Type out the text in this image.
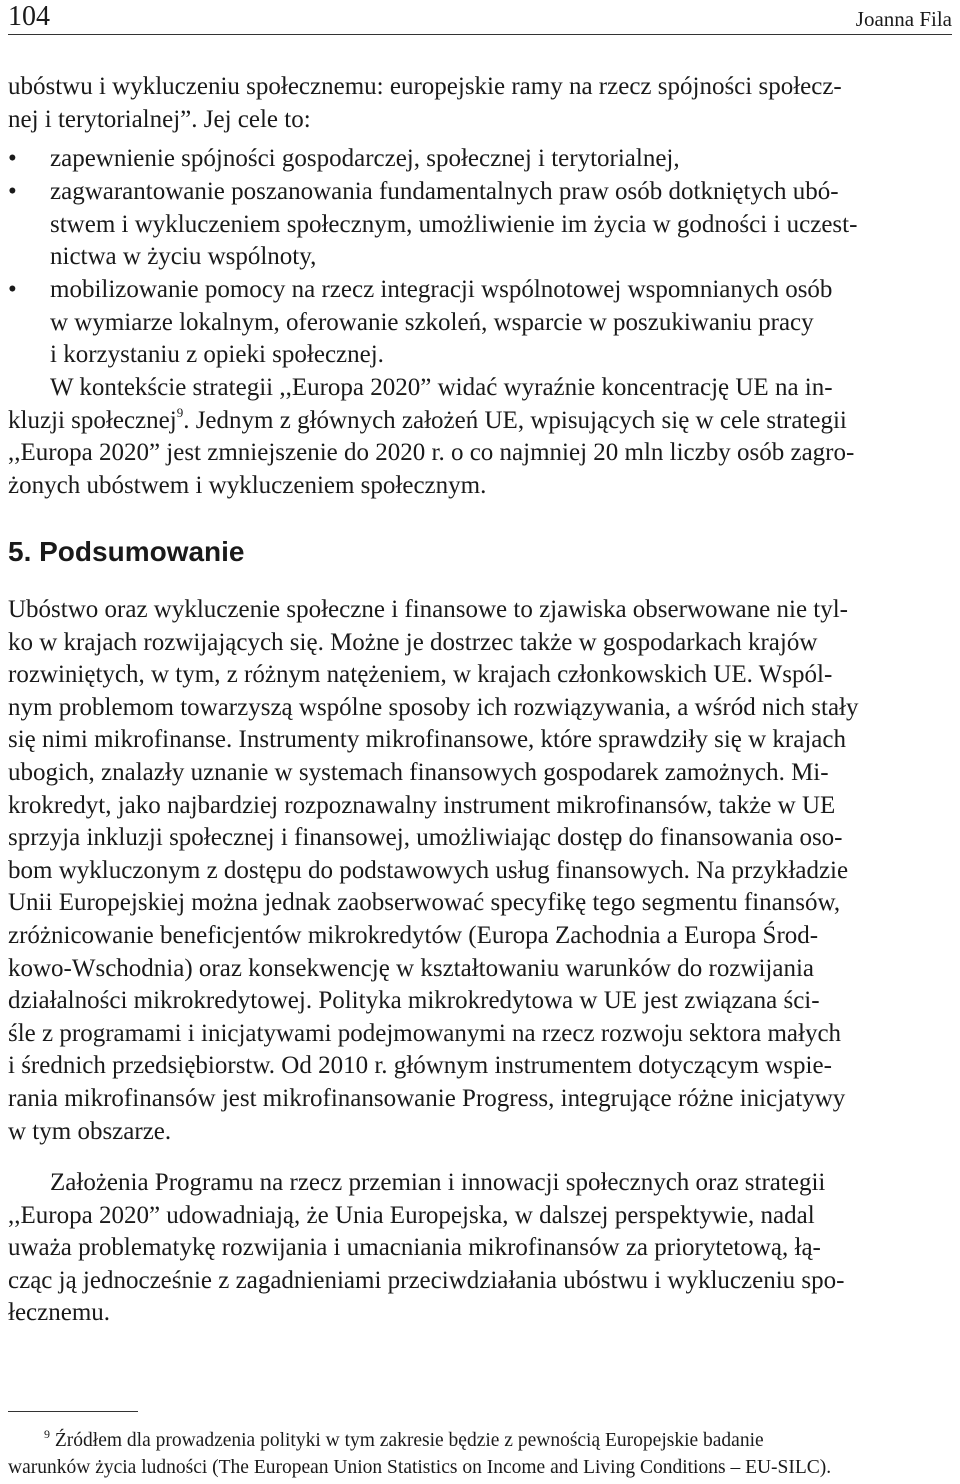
104	Joanna Fila

ubóstwu i wykluczeniu społecznemu: europejskie ramy na rzecz spójności społecz-
nej i terytorialnej”. Jej cele to:

• zapewnienie spójności gospodarczej, społecznej i terytorialnej,

• zagwarantowanie poszanowania fundamentalnych praw osób dotkniętych ubó-
stwem i wykluczeniem społecznym, umożliwienie im życia w godności i uczest-
nictwa w życiu wspólnoty,

• mobilizowanie pomocy na rzecz integracji wspólnotowej wspomnianych osób
w wymiarze lokalnym, oferowanie szkoleń, wsparcie w poszukiwaniu pracy
i korzystaniu z opieki społecznej.

W kontekście strategii ,,Europa 2020” widać wyraźnie koncentrację UE na in-
kluzji społecznej$^9$. Jednym z głównych założeń UE, wpisujących się w cele strategii
,,Europa 2020” jest zmniejszenie do 2020 r. o co najmniej 20 mln liczby osób zagro-
żonych ubóstwem i wykluczeniem społecznym.

5. Podsumowanie

Ubóstwo oraz wykluczenie społeczne i finansowe to zjawiska obserwowane nie tyl-
ko w krajach rozwijających się. Możne je dostrzec także w gospodarkach krajów
rozwiniętych, w tym, z różnym natężeniem, w krajach członkowskich UE. Wspól-
nym problemom towarzyszą wspólne sposoby ich rozwiązywania, a wśród nich stały
się nimi mikrofinanse. Instrumenty mikrofinansowe, które sprawdziły się w krajach
ubogich, znalazły uznanie w systemach finansowych gospodarek zamożnych. Mi-
krokredyt, jako najbardziej rozpoznawalny instrument mikrofinansów, także w UE
sprzyja inkluzji społecznej i finansowej, umożliwiając dostęp do finansowania oso-
bom wykluczonym z dostępu do podstawowych usług finansowych. Na przykładzie
Unii Europejskiej można jednak zaobserwować specyfikę tego segmentu finansów,
zróżnicowanie beneficjentów mikrokredytów (Europa Zachodnia a Europa Środ-
kowo-Wschodnia) oraz konsekwencję w kształtowaniu warunków do rozwijania
działalności mikrokredytowej. Polityka mikrokredytowa w UE jest związana ści-
śle z programami i inicjatywami podejmowanymi na rzecz rozwoju sektora małych
i średnich przedsiębiorstw. Od 2010 r. głównym instrumentem dotyczącym wspie-
rania mikrofinansów jest mikrofinansowanie Progress, integrujące różne inicjatywy
w tym obszarze.

Założenia Programu na rzecz przemian i innowacji społecznych oraz strategii
,,Europa 2020” udowadniają, że Unia Europejska, w dalszej perspektywie, nadal
uważa problematykę rozwijania i umacniania mikrofinansów za priorytetową, łą-
cząc ją jednocześnie z zagadnieniami przeciwdziałania ubóstwu i wykluczeniu spo-
łecznemu.

$^9$ Źródłem dla prowadzenia polityki w tym zakresie będzie z pewnością Europejskie badanie
warunków życia ludności (The European Union Statistics on Income and Living Conditions – EU-SILC).
